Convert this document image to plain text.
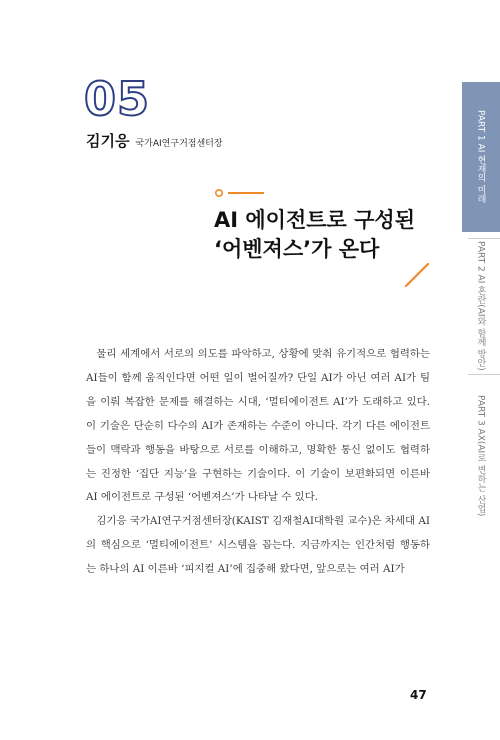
05
김기응 국가AI연구거점센터장
AI 에이전트로 구성된
‘어벤져스’가 온다

물리 세계에서 서로의 의도를 파악하고, 상황에 맞춰 유기적으로 협력하는 AI들이 함께 움직인다면 어떤 일이 벌어질까? 단일 AI가 아닌 여러 AI가 팀을 이뤄 복잡한 문제를 해결하는 시대, ‘멀티에이전트 AI’가 도래하고 있다. 이 기술은 단순히 다수의 AI가 존재하는 수준이 아니다. 각기 다른 에이전트들이 맥락과 행동을 바탕으로 서로를 이해하고, 명확한 통신 없이도 협력하는 진정한 ‘집단 지능’을 구현하는 기술이다. 이 기술이 보편화되면 이른바 AI 에이전트로 구성된 ‘어벤져스’가 나타날 수 있다.

김기응 국가AI연구거점센터장(KAIST 김재철AI대학원 교수)은 차세대 AI의 핵심으로 ‘멀티에이전트’ 시스템을 꼽는다. 지금까지는 인간처럼 행동하는 하나의 AI 이른바 ‘피지컬 AI’에 집중해 왔다면, 앞으로는 여러 AI가

47
PART 1 AI 현재의 미래
PART 2 AI 혼란(AI와 함께 방안)
PART 3 AX(AI로 변하는 산업)
